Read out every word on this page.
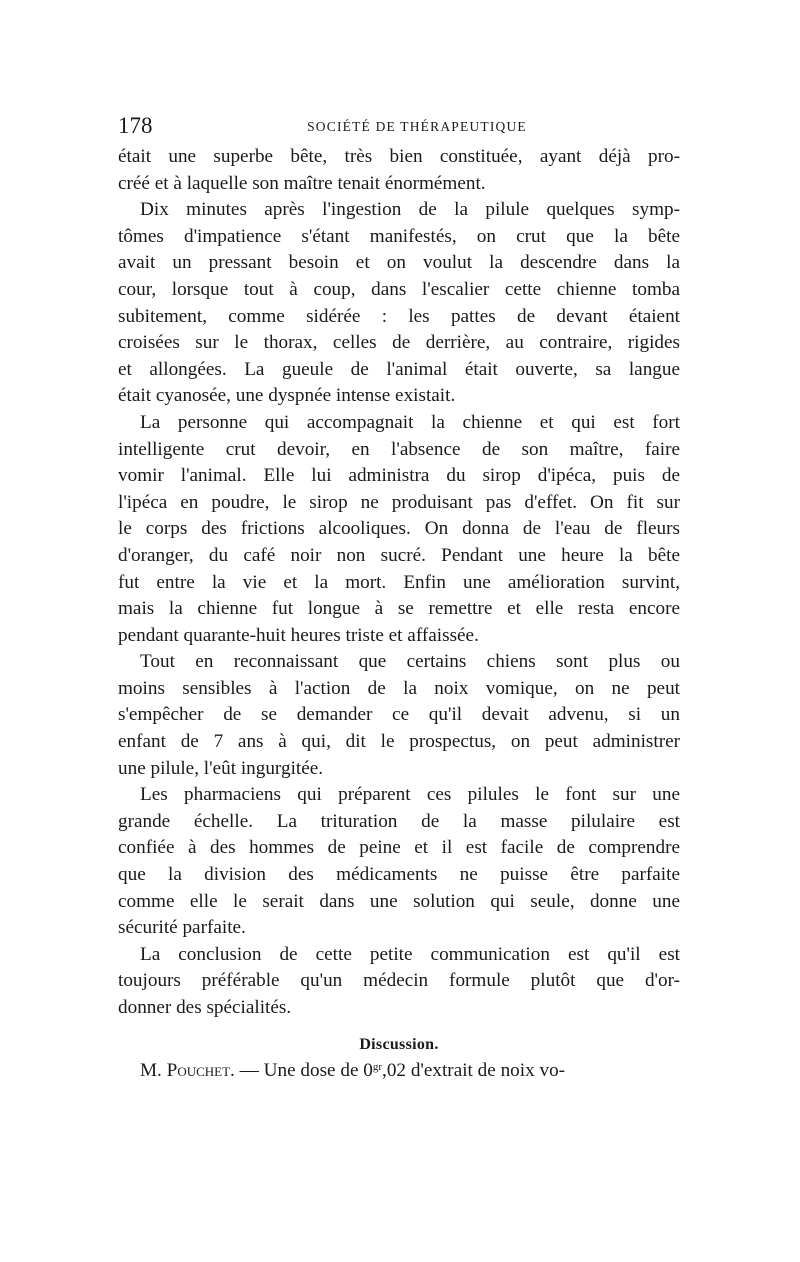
178	SOCIÉTÉ DE THÉRAPEUTIQUE

était une superbe bête, très bien constituée, ayant déjà pro-
créé et à laquelle son maître tenait énormément.

Dix minutes après l'ingestion de la pilule quelques symp-
tômes d'impatience s'étant manifestés, on crut que la bête
avait un pressant besoin et on voulut la descendre dans la
cour, lorsque tout à coup, dans l'escalier cette chienne tomba
subitement, comme sidérée : les pattes de devant étaient
croisées sur le thorax, celles de derrière, au contraire, rigides
et allongées. La gueule de l'animal était ouverte, sa langue
était cyanosée, une dyspnée intense existait.

La personne qui accompagnait la chienne et qui est fort
intelligente crut devoir, en l'absence de son maître, faire
vomir l'animal. Elle lui administra du sirop d'ipéca, puis de
l'ipéca en poudre, le sirop ne produisant pas d'effet. On fit sur
le corps des frictions alcooliques. On donna de l'eau de fleurs
d'oranger, du café noir non sucré. Pendant une heure la bête
fut entre la vie et la mort. Enfin une amélioration survint,
mais la chienne fut longue à se remettre et elle resta encore
pendant quarante-huit heures triste et affaissée.

Tout en reconnaissant que certains chiens sont plus ou
moins sensibles à l'action de la noix vomique, on ne peut
s'empêcher de se demander ce qu'il devait advenu, si un
enfant de 7 ans à qui, dit le prospectus, on peut administrer
une pilule, l'eût ingurgitée.

Les pharmaciens qui préparent ces pilules le font sur une
grande échelle. La trituration de la masse pilulaire est
confiée à des hommes de peine et il est facile de comprendre
que la division des médicaments ne puisse être parfaite
comme elle le serait dans une solution qui seule, donne une
sécurité parfaite.

La conclusion de cette petite communication est qu'il est
toujours préférable qu'un médecin formule plutôt que d'or-
donner des spécialités.

Discussion.
M. Pouchet. — Une dose de $0^{gr},02$ d'extrait de noix vo-
